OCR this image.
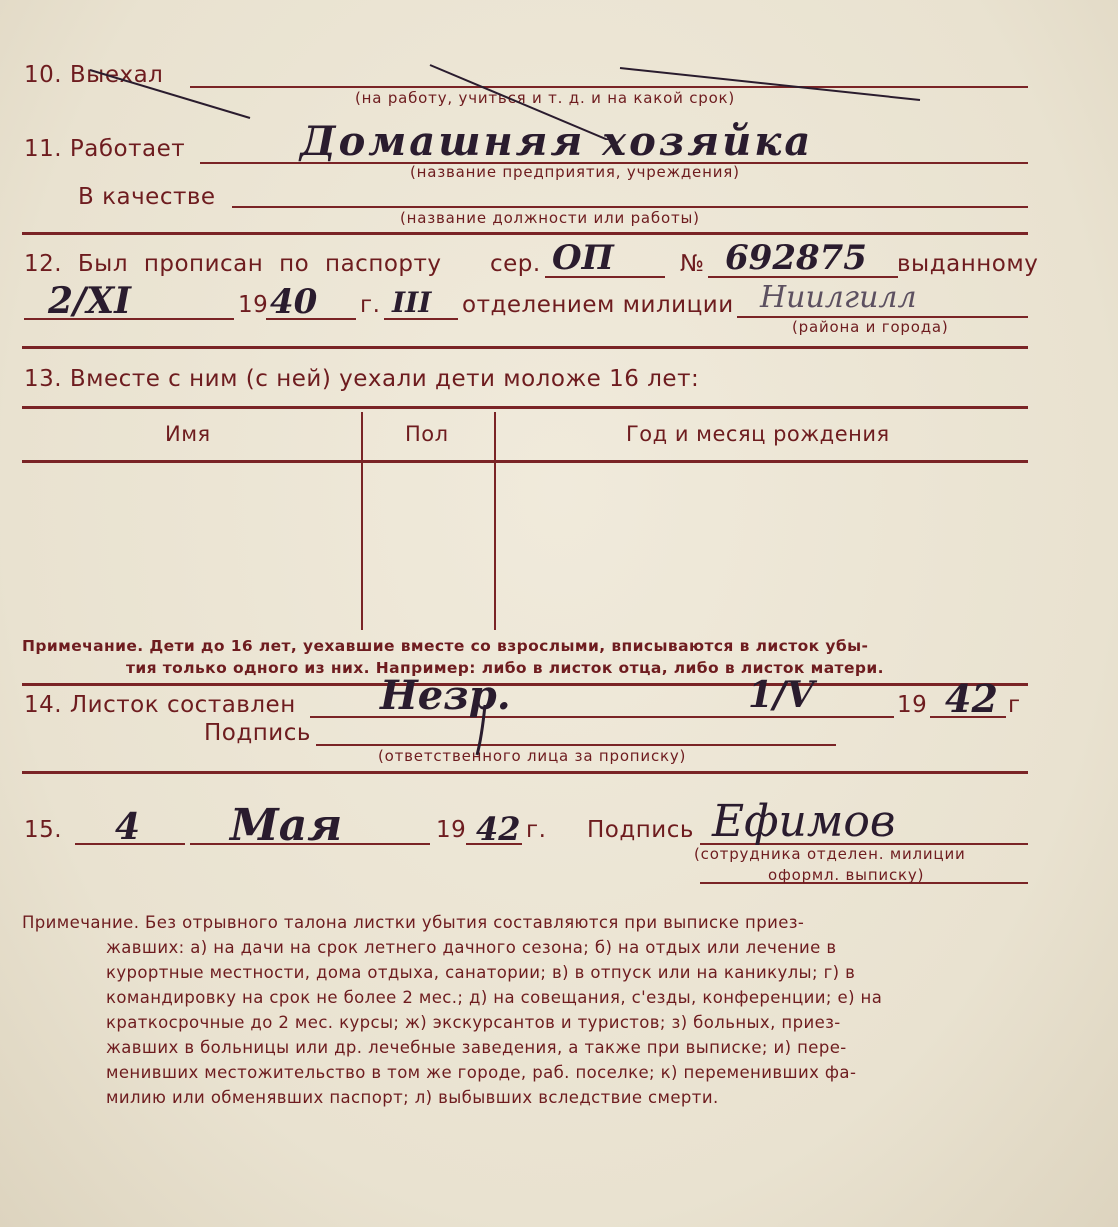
10. Выехал
(на работу, учиться и т. д. и на какой срок)
11. Работает	Домашняя хозяйка
(название предприятия, учреждения)
В качестве
(название должности или работы)
12. Был прописан по паспорту сер. ОП	№ 692875 выданному
2/XI	19 40 г. III отделением милиции Ниилгилл
(района и города)
13. Вместе с ним (с ней) уехали дети моложе 16 лет:
Имя	Пол	Год и месяц рождения
Примечание. Дети до 16 лет, уехавшие вместе со взрослыми, вписываются в листок убы-
тия только одного из них. Например: либо в листок отца, либо в листок матери.
14. Листок составлен Незр.	1/V	19 42 г
Подпись
(ответственного лица за прописку)
15. 4 Мая	19 42 г. Подпись Ефимов
(сотрудника отделен. милиции
оформл. выписку)
Примечание. Без отрывного талона листки убытия составляются при выписке приез-
жавших: а) на дачи на срок летнего дачного сезона; б) на отдых или лечение в
курортные местности, дома отдыха, санатории; в) в отпуск или на каникулы; г) в
командировку на срок не более 2 мес.; д) на совещания, с'езды, конференции; е) на
краткосрочные до 2 мес. курсы; ж) экскурсантов и туристов; з) больных, приез-
жавших в больницы или др. лечебные заведения, а также при выписке; и) пере-
менивших местожительство в том же городе, раб. поселке; к) переменивших фа-
милию или обменявших паспорт; л) выбывших вследствие смерти.
